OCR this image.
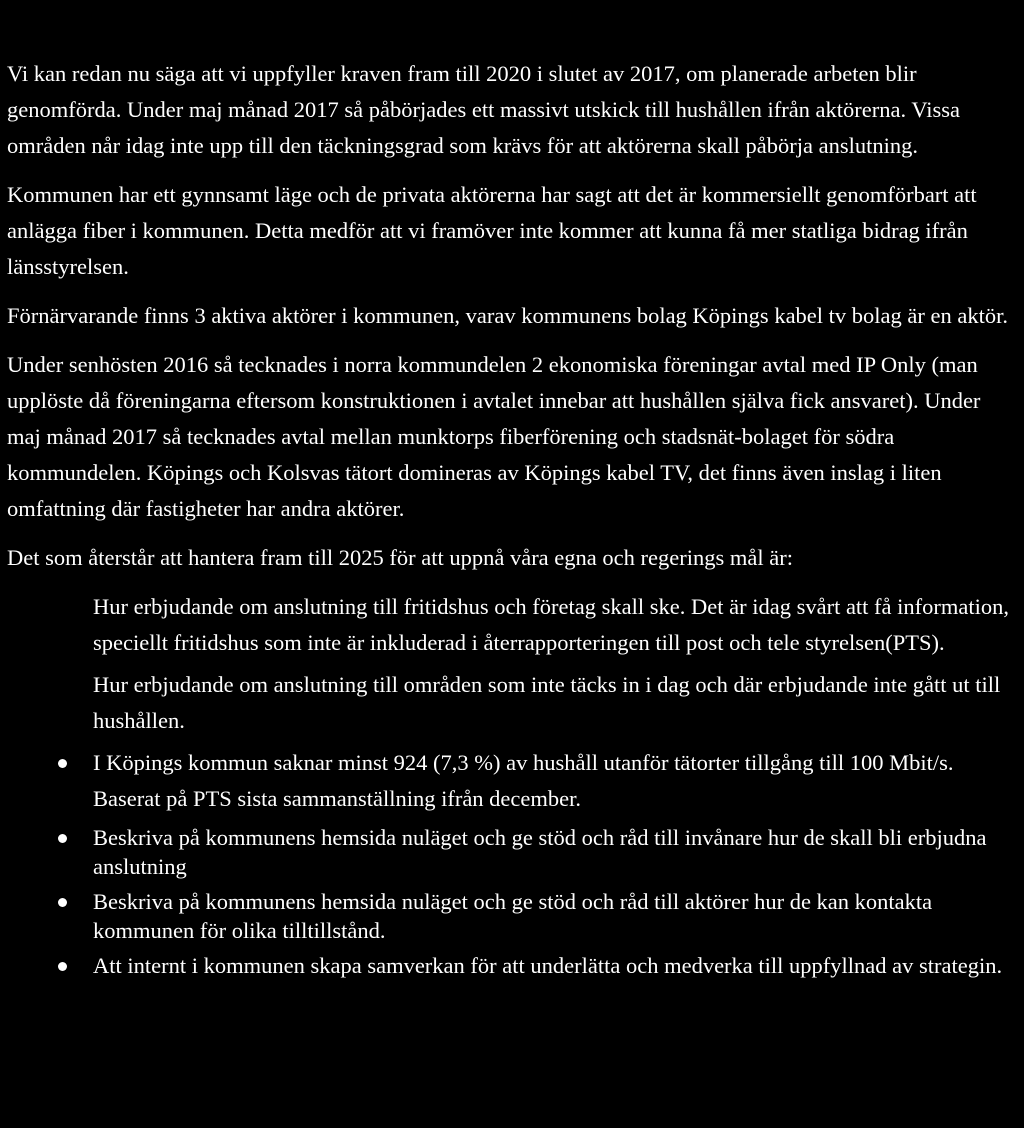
Vi kan redan nu säga att vi uppfyller kraven fram till 2020 i slutet av 2017, om planerade arbeten blir genomförda. Under maj månad 2017 så påbörjades ett massivt utskick till hushållen ifrån aktörerna. Vissa områden når idag inte upp till den täckningsgrad som krävs för att aktörerna skall påbörja anslutning.

Kommunen har ett gynnsamt läge och de privata aktörerna har sagt att det är kommersiellt genomförbart att anlägga fiber i kommunen. Detta medför att vi framöver inte kommer att kunna få mer statliga bidrag ifrån länsstyrelsen.

Förnärvarande finns 3 aktiva aktörer i kommunen, varav kommunens bolag Köpings kabel tv bolag är en aktör.

Under senhösten 2016 så tecknades i norra kommundelen 2 ekonomiska föreningar avtal med IP Only (man upplöste då föreningarna eftersom konstruktionen i avtalet innebar att hushållen själva fick ansvaret). Under maj månad 2017 så tecknades avtal mellan munktorps fiberförening och stadsnät-bolaget för södra kommundelen. Köpings och Kolsvas tätort domineras av Köpings kabel TV, det finns även inslag i liten omfattning där fastigheter har andra aktörer.

Det som återstår att hantera fram till 2025 för att uppnå våra egna och regerings mål är:

Hur erbjudande om anslutning till fritidshus och företag skall ske. Det är idag svårt att få information, speciellt fritidshus som inte är inkluderad i återrapporteringen till post och tele styrelsen(PTS).
Hur erbjudande om anslutning till områden som inte täcks in i dag och där erbjudande inte gått ut till hushållen.
I Köpings kommun saknar minst 924 (7,3 %) av hushåll utanför tätorter tillgång till 100 Mbit/s. Baserat på PTS sista sammanställning ifrån december.
Beskriva på kommunens hemsida nuläget och ge stöd och råd till invånare hur de skall bli erbjudna anslutning
Beskriva på kommunens hemsida nuläget och ge stöd och råd till aktörer hur de kan kontakta kommunen för olika tilltillstånd.
Att internt i kommunen skapa samverkan för att underlätta och medverka till uppfyllnad av strategin.
